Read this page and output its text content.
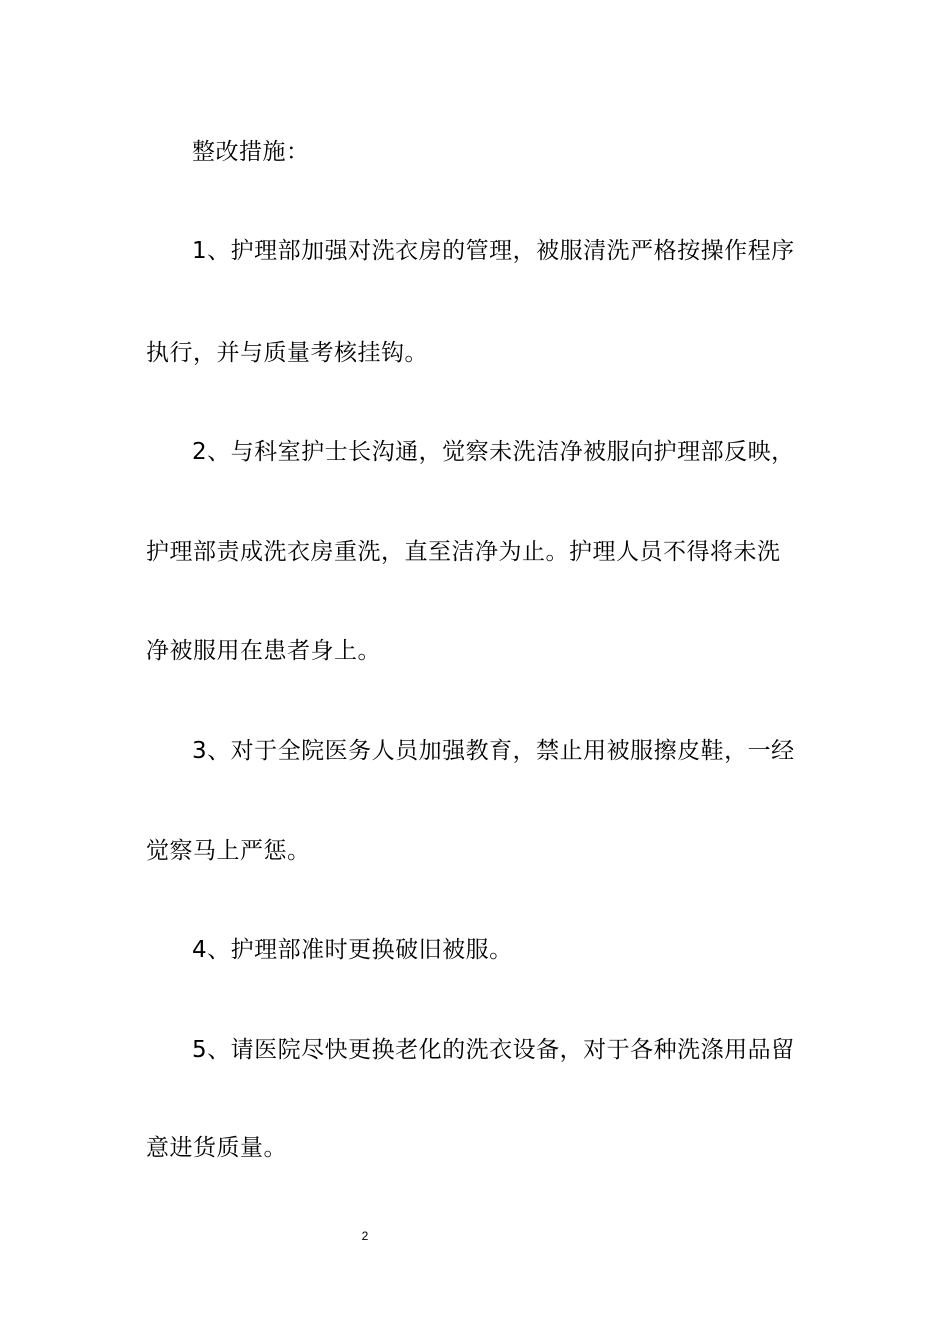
整改措施：
1、护理部加强对洗衣房的管理，被服清洗严格按操作程序
执行，并与质量考核挂钩。
2、与科室护士长沟通，觉察未洗洁净被服向护理部反映，
护理部责成洗衣房重洗，直至洁净为止。护理人员不得将未洗
净被服用在患者身上。
3、对于全院医务人员加强教育，禁止用被服擦皮鞋，一经
觉察马上严惩。
4、护理部准时更换破旧被服。
5、请医院尽快更换老化的洗衣设备，对于各种洗涤用品留
意进货质量。
2
